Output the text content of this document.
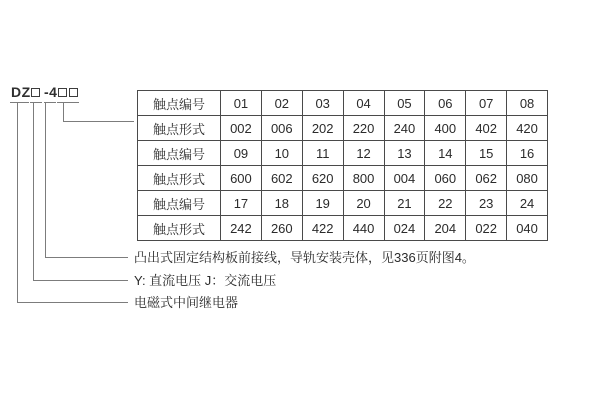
DZ -4
触点编号	01	02	03	04	05	06	07	08
触点形式	002	006	202	220	240	400	402	420
触点编号	09	10	11	12	13	14	15	16
触点形式	600	602	620	800	004	060	062	080
触点编号	17	18	19	20	21	22	23	24
触点形式	242	260	422	440	024	204	022	040
凸出式固定结构板前接线，导轨安装壳体，见336页附图4。
Y: 直流电压 J：交流电压
电磁式中间继电器
